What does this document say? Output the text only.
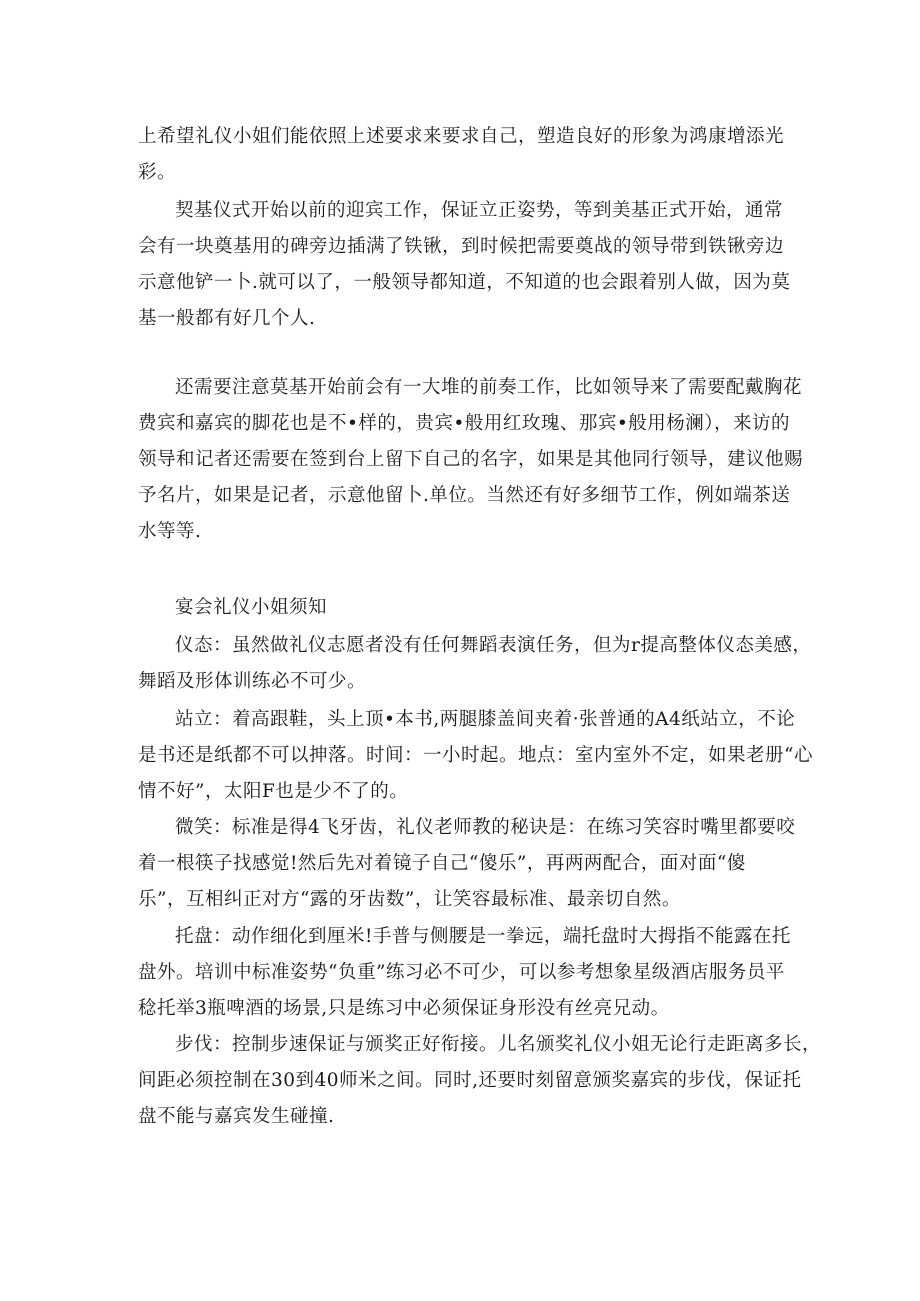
上希望礼仪小姐们能依照上述要求来要求自己，塑造良好的形象为鸿康增添光
彩。

契基仪式开始以前的迎宾工作，保证立正姿势，等到美基正式开始，通常
会有一块奠基用的碑旁边插满了铁锹，到时候把需要奠战的领导带到铁锹旁边
示意他铲一卜.就可以了，一般领导都知道，不知道的也会跟着别人做，因为莫
基一般都有好几个人.

还需要注意莫基开始前会有一大堆的前奏工作，比如领导来了需要配戴胸花
费宾和嘉宾的脚花也是不•样的，贵宾•般用红玫瑰、那宾•般用杨澜），来访的
领导和记者还需要在签到台上留下自己的名字，如果是其他同行领导，建议他赐
予名片，如果是记者，示意他留卜.单位。当然还有好多细节工作，例如端茶送
水等等.

宴会礼仪小姐须知

仪态：虽然做礼仪志愿者没有任何舞蹈表演任务，但为r提高整体仪态美感，
舞蹈及形体训练必不可少。

站立：着高跟鞋，头上顶•本书,两腿膝盖间夹着·张普通的A4纸站立，不论
是书还是纸都不可以抻落。时间：一小时起。地点：室内室外不定，如果老册“心
情不好”，太阳F也是少不了的。

微笑：标准是得4飞牙齿，礼仪老师教的秘诀是：在练习笑容时嘴里都要咬
着一根筷子找感觉!然后先对着镜子自己“傻乐”，再两两配合，面对面“傻
乐”，互相纠正对方“露的牙齿数”，让笑容最标准、最亲切自然。

托盘：动作细化到厘米!手普与侧腰是一拳远，端托盘时大拇指不能露在托
盘外。培训中标准姿势“负重”练习必不可少，可以参考想象星级酒店服务员平
稔托举3瓶啤酒的场景,只是练习中必须保证身形没有丝亮兄动。

步伐：控制步速保证与颁奖正好衔接。儿名颁奖礼仪小姐无论行走距离多长，
间距必须控制在30到40师米之间。同时,还要时刻留意颁奖嘉宾的步伐，保证托
盘不能与嘉宾发生碰撞.
